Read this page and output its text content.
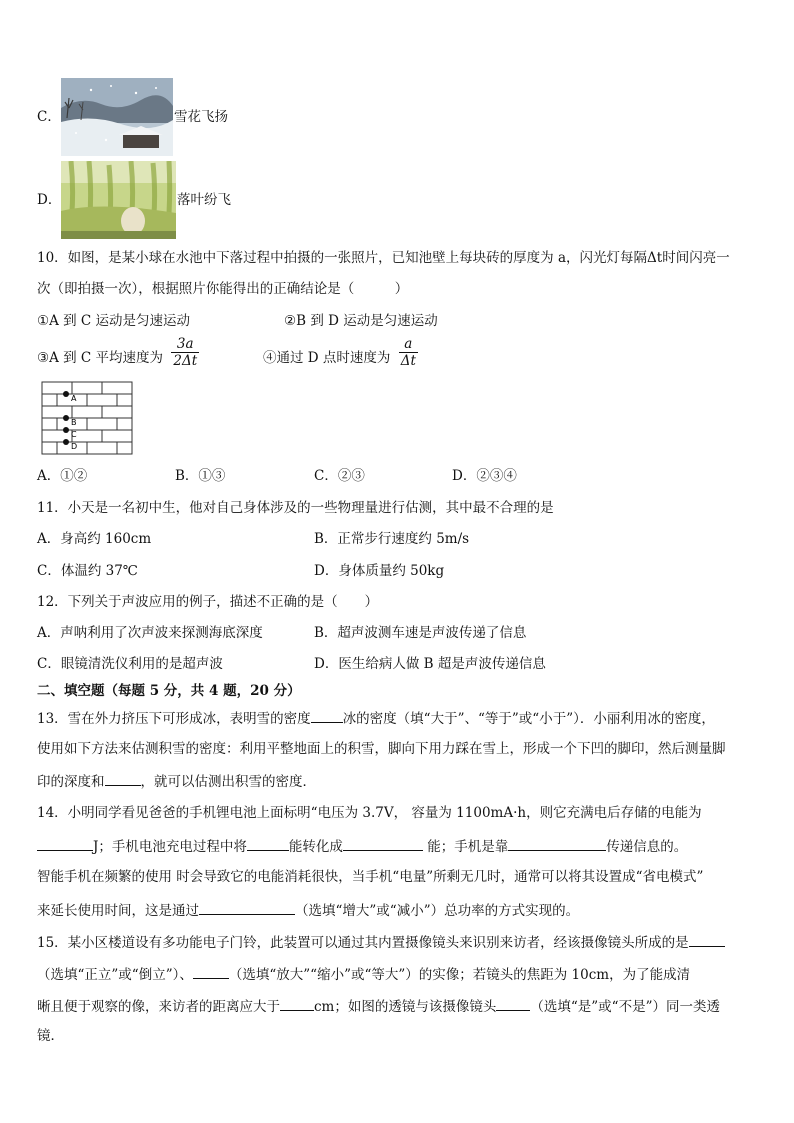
C．	雪花飞扬
D．	落叶纷飞
10．如图，是某小球在水池中下落过程中拍摄的一张照片，已知池壁上每块砖的厚度为 a，闪光灯每隔Δt时间闪亮一
次（即拍摄一次），根据照片你能得出的正确结论是（　　　）
①A 到 C 运动是匀速运动	②B 到 D 运动是匀速运动
③A 到 C 平均速度为 $\frac{3a}{2\Delta t}$	④通过 D 点时速度为 $\frac{a}{\Delta t}$
A
B
C
D
A．①②	B．①③	C．②③	D．②③④
11．小天是一名初中生，他对自己身体涉及的一些物理量进行估测，其中最不合理的是
A．身高约 160cm	B．正常步行速度约 5m/s
C．体温约 37℃	D．身体质量约 50kg
12．下列关于声波应用的例子，描述不正确的是（　　）
A．声呐利用了次声波来探测海底深度	B．超声波测车速是声波传递了信息
C．眼镜清洗仪利用的是超声波	D．医生给病人做 B 超是声波传递信息
二、填空题（每题 5 分，共 4 题，20 分）
13．雪在外力挤压下可形成冰，表明雪的密度 冰的密度（填“大于”、“等于”或“小于”）．小丽利用冰的密度，
使用如下方法来估测积雪的密度：利用平整地面上的积雪，脚向下用力踩在雪上，形成一个下凹的脚印，然后测量脚
印的深度和	，就可以估测出积雪的密度．
14．小明同学看见爸爸的手机锂电池上面标明“电压为 3.7V， 容量为 1100mA·h，则它充满电后存储的电能为
J；手机电池充电过程中将	能转化成	能；手机是靠	传递信息的。
智能手机在频繁的使用 时会导致它的电能消耗很快，当手机“电量”所剩无几时，通常可以将其设置成“省电模式”
来延长使用时间，这是通过	（选填“增大”或“减小”）总功率的方式实现的。
15．某小区楼道设有多功能电子门铃，此装置可以通过其内置摄像镜头来识别来访者，经该摄像镜头所成的是
（选填“正立”或“倒立”）、	（选填“放大”“缩小”或“等大”）的实像；若镜头的焦距为 10cm，为了能成清
晰且便于观察的像，来访者的距离应大于	cm；如图的透镜与该摄像镜头	（选填“是”或“不是”）同一类透
镜．
